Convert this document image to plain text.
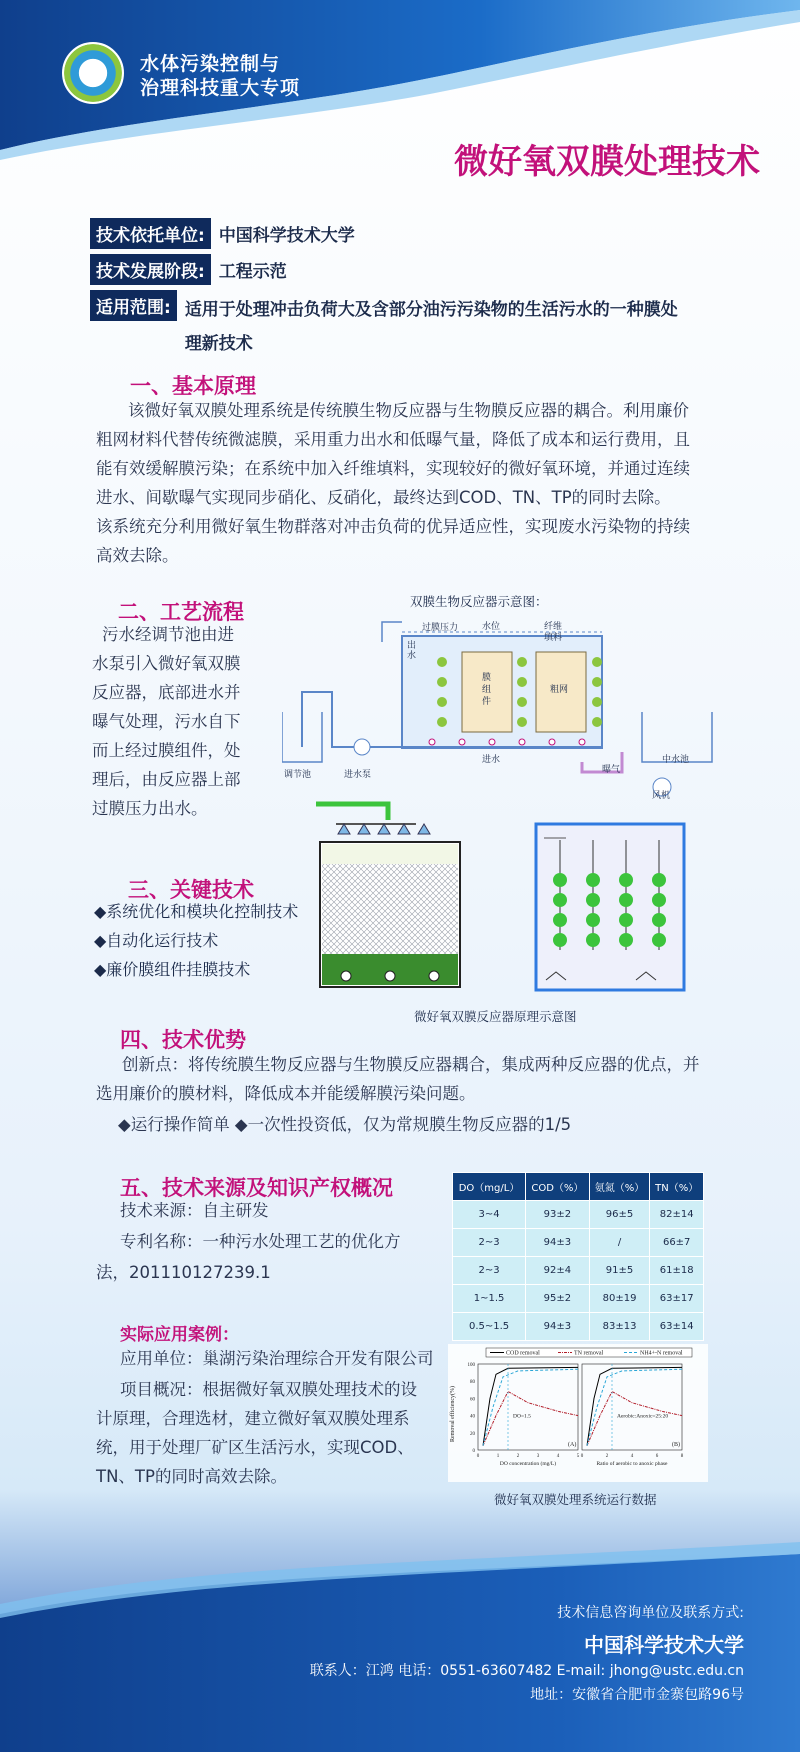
水体污染控制与
治理科技重大专项
微好氧双膜处理技术
技术依托单位: 中国科学技术大学
技术发展阶段: 工程示范
适用范围: 适用于处理冲击负荷大及含部分油污污染物的生活污水的一种膜处
理新技术
一、基本原理
该微好氧双膜处理系统是传统膜生物反应器与生物膜反应器的耦合。利用廉价
粗网材料代替传统微滤膜，采用重力出水和低曝气量，降低了成本和运行费用，且
能有效缓解膜污染；在系统中加入纤维填料，实现较好的微好氧环境，并通过连续
进水、间歇曝气实现同步硝化、反硝化，最终达到COD、TN、TP的同时去除。
该系统充分利用微好氧生物群落对冲击负荷的优异适应性，实现废水污染物的持续
高效去除。
二、工艺流程
污水经调节池由进
水泵引入微好氧双膜
反应器，底部进水并
曝气处理，污水自下
而上经过膜组件，处
理后，由反应器上部
过膜压力出水。
双膜生物反应器示意图：
过膜压力
出
水
水位	纤维
填料
膜
组
件
粗网
调节池	进水泵
进水
曝气
中水池
风机
三、关键技术
◆系统优化和模块化控制技术
◆自动化运行技术
◆廉价膜组件挂膜技术
微好氧双膜反应器原理示意图
四、技术优势
创新点：将传统膜生物反应器与生物膜反应器耦合，集成两种反应器的优点，并
选用廉价的膜材料，降低成本并能缓解膜污染问题。
◆运行操作简单 ◆一次性投资低，仅为常规膜生物反应器的1/5
五、技术来源及知识产权概况
技术来源：自主研发
专利名称：一种污水处理工艺的优化方
法，201110127239.1
DO（mg/L）	COD（%）	氨氮（%）	TN（%）
3~4	93±2	96±5	82±14
2~3	94±3	/	66±7
2~3	92±4	91±5	61±18
1~1.5	95±2	80±19	63±17
0.5~1.5	94±3	83±13	63±14
实际应用案例：
应用单位：巢湖污染治理综合开发有限公司
项目概况：根据微好氧双膜处理技术的设
计原理，合理选材，建立微好氧双膜处理系
统，用于处理厂矿区生活污水，实现COD、
TN、TP的同时高效去除。
COD removal	TN removal	NH4+-N removal
Removal efficiency(%)
0	1	2	3	4	5
0
20
40
60
80
100
DO concentration (mg/L)
DO=1.5
(A)
0	2	4	6	8
Ratio of aerobic to anoxic phase
Aerobic:Anoxic=25:20
(B)
微好氧双膜处理系统运行数据
技术信息咨询单位及联系方式:
中国科学技术大学
联系人：江鸿 电话：0551-63607482 E-mail: jhong@ustc.edu.cn
地址：安徽省合肥市金寨包路96号
